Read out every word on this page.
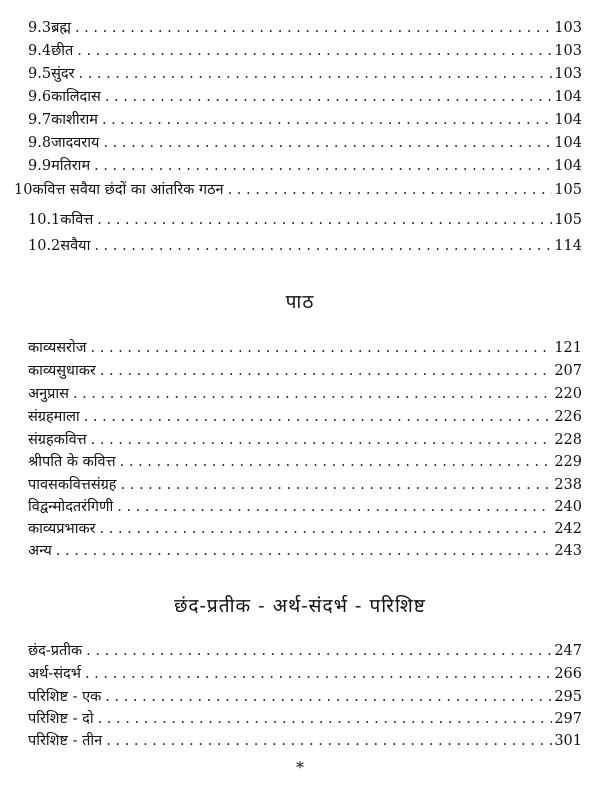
9.3 ब्रह्म . . .	103
9.4 छीत . . .	103
9.5 सुंदर . . .	103
9.6 कालिदास . . .	104
9.7 काशीराम . . .	104
9.8 जादवराय . . .	104
9.9 मतिराम . . .	104
10 कवित्त सवैया छंदों का आंतरिक गठन . . .	105
10.1 कवित्त . . .	105
10.2 सवैया . . .	114
पाठ
काव्यसरोज . . .	121
काव्यसुधाकर . . .	207
अनुप्रास . . .	220
संग्रहमाला . . .	226
संग्रहकवित्त . . .	228
श्रीपति के कवित्त . . .	229
पावसकवित्तसंग्रह . . .	238
विद्वन्मोदतरंगिणी . . .	240
काव्यप्रभाकर . . .	242
अन्य . . .	243
छंद-प्रतीक - अर्थ-संदर्भ - परिशिष्ट
छंद-प्रतीक . . .	247
अर्थ-संदर्भ . . .	266
परिशिष्ट - एक . . .	295
परिशिष्ट - दो . . .	297
परिशिष्ट - तीन . . .	301
*
